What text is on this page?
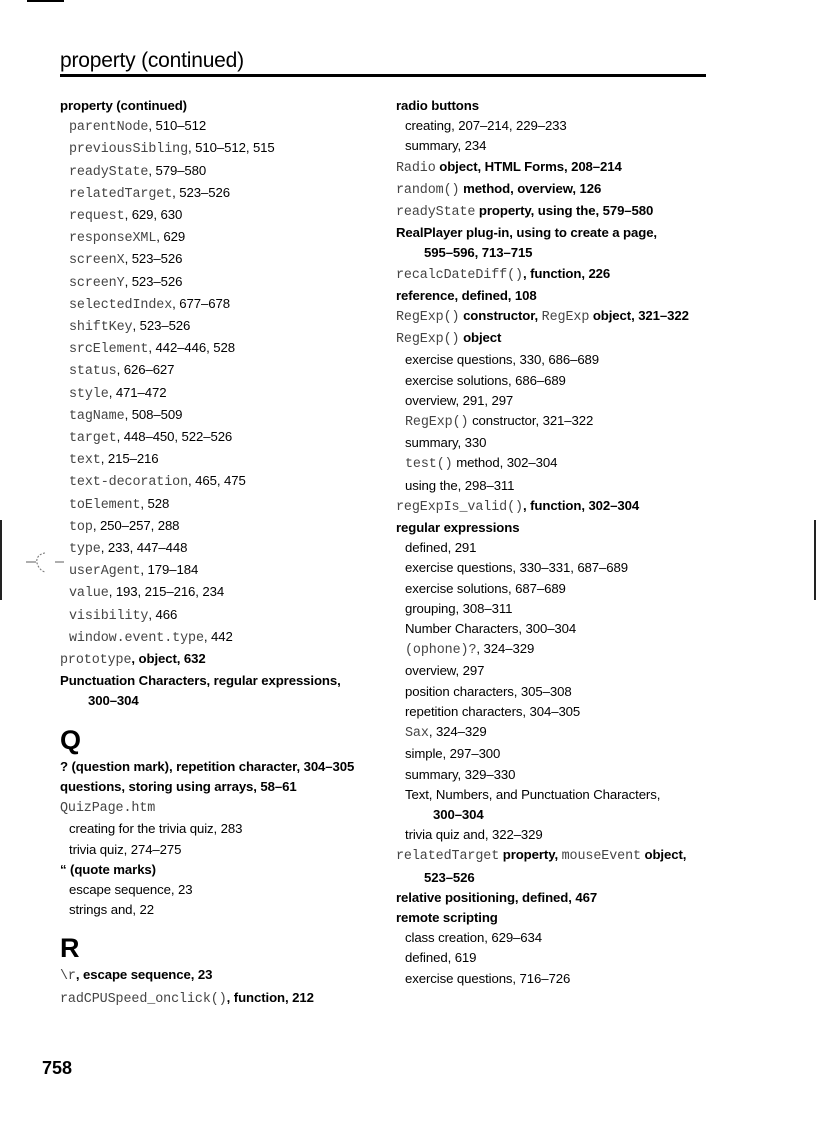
property (continued)
property (continued)
parentNode, 510–512
previousSibling, 510–512, 515
readyState, 579–580
relatedTarget, 523–526
request, 629, 630
responseXML, 629
screenX, 523–526
screenY, 523–526
selectedIndex, 677–678
shiftKey, 523–526
srcElement, 442–446, 528
status, 626–627
style, 471–472
tagName, 508–509
target, 448–450, 522–526
text, 215–216
text-decoration, 465, 475
toElement, 528
top, 250–257, 288
type, 233, 447–448
userAgent, 179–184
value, 193, 215–216, 234
visibility, 466
window.event.type, 442
prototype, object, 632
Punctuation Characters, regular expressions,
300–304
Q
? (question mark), repetition character, 304–305
questions, storing using arrays, 58–61
QuizPage.htm
creating for the trivia quiz, 283
trivia quiz, 274–275
“ (quote marks)
escape sequence, 23
strings and, 22
R
\r, escape sequence, 23
radCPUSpeed_onclick(), function, 212
radio buttons
creating, 207–214, 229–233
summary, 234
Radio object, HTML Forms, 208–214
random() method, overview, 126
readyState property, using the, 579–580
RealPlayer plug-in, using to create a page,
595–596, 713–715
recalcDateDiff(), function, 226
reference, defined, 108
RegExp() constructor, RegExp object, 321–322
RegExp() object
exercise questions, 330, 686–689
exercise solutions, 686–689
overview, 291, 297
RegExp() constructor, 321–322
summary, 330
test() method, 302–304
using the, 298–311
regExpIs_valid(), function, 302–304
regular expressions
defined, 291
exercise questions, 330–331, 687–689
exercise solutions, 687–689
grouping, 308–311
Number Characters, 300–304
(ophone)?, 324–329
overview, 297
position characters, 305–308
repetition characters, 304–305
Sax, 324–329
simple, 297–300
summary, 329–330
Text, Numbers, and Punctuation Characters,
300–304
trivia quiz and, 322–329
relatedTarget property, mouseEvent object,
523–526
relative positioning, defined, 467
remote scripting
class creation, 629–634
defined, 619
exercise questions, 716–726
758
